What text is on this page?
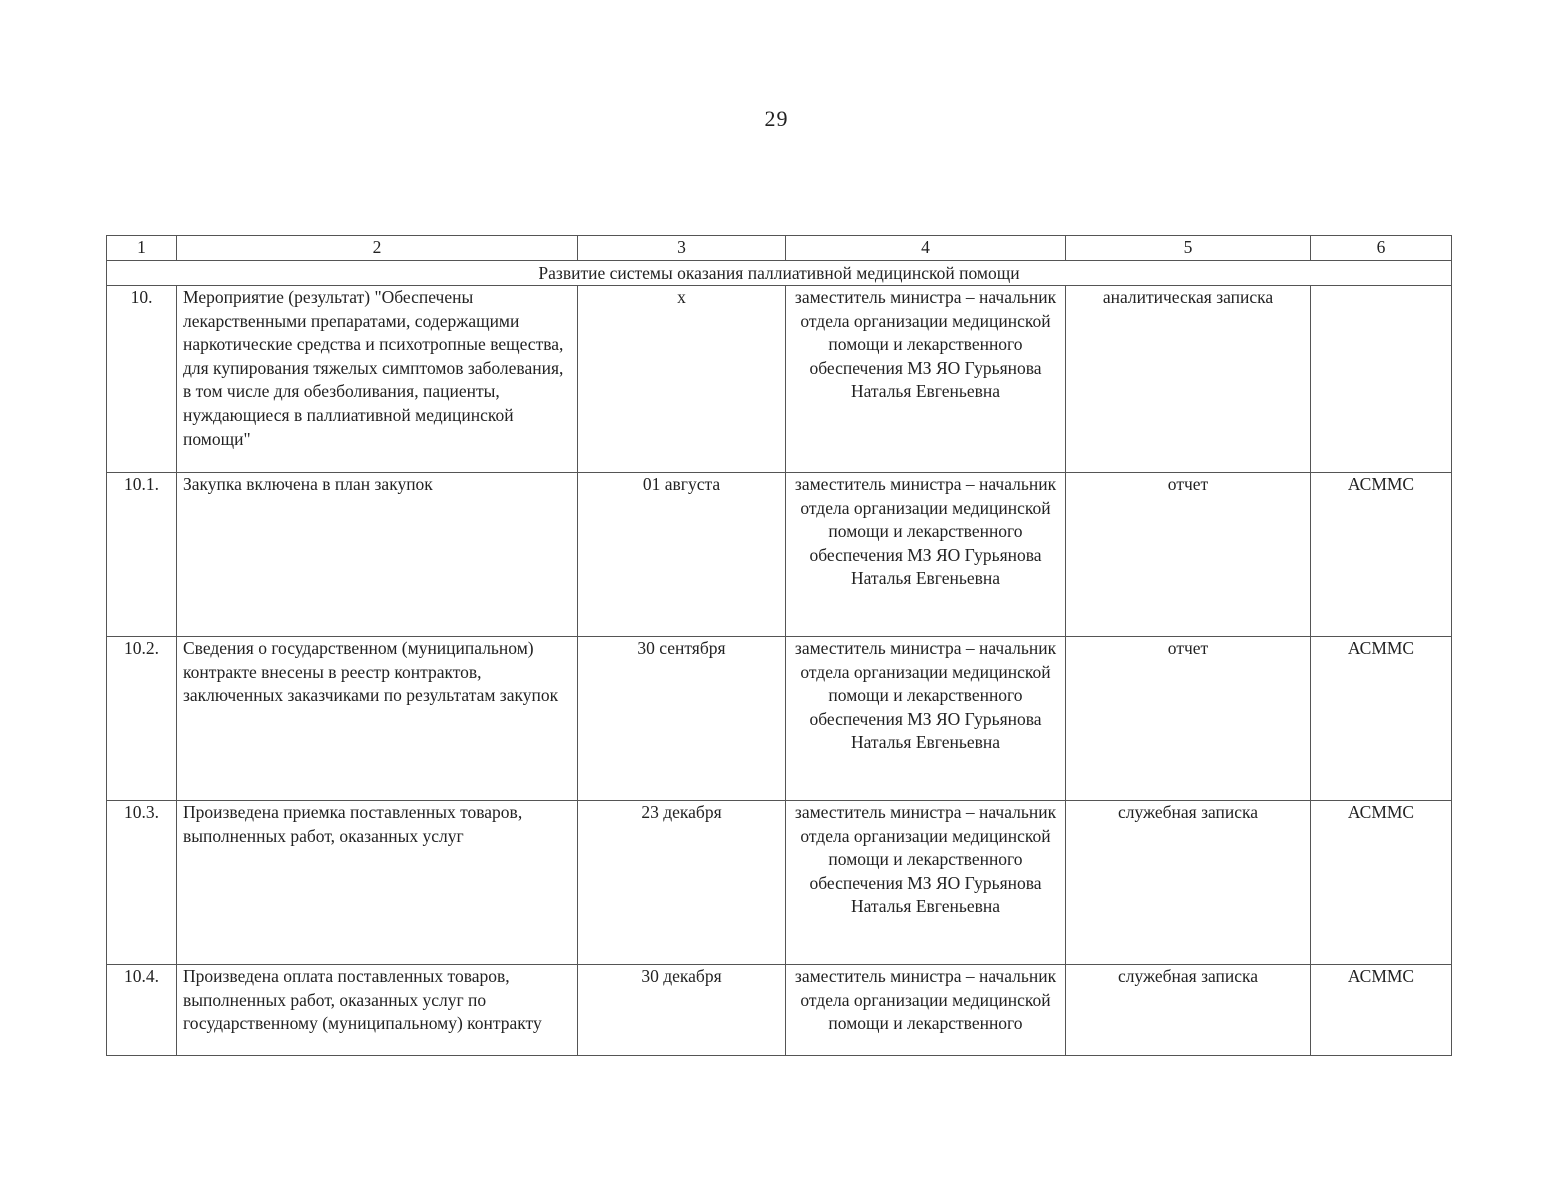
29
1	2	3	4	5	6
Развитие системы оказания паллиативной медицинской помощи					
10.	Мероприятие (результат) "Обеспечены лекарственными препаратами, содержащими наркотические средства и психотропные вещества, для купирования тяжелых симптомов заболевания, в том числе для обезболивания, пациенты, нуждающиеся в паллиативной медицинской помощи"	х	заместитель министра – начальник отдела организации медицинской помощи и лекарственного обеспечения МЗ ЯО Гурьянова Наталья Евгеньевна	аналитическая записка	
10.1.	Закупка включена в план закупок	01 августа	заместитель министра – начальник отдела организации медицинской помощи и лекарственного обеспечения МЗ ЯО Гурьянова Наталья Евгеньевна	отчет	АСММС
10.2.	Сведения о государственном (муниципальном) контракте внесены в реестр контрактов, заключенных заказчиками по результатам закупок	30 сентября	заместитель министра – начальник отдела организации медицинской помощи и лекарственного обеспечения МЗ ЯО Гурьянова Наталья Евгеньевна	отчет	АСММС
10.3.	Произведена приемка поставленных товаров, выполненных работ, оказанных услуг	23 декабря	заместитель министра – начальник отдела организации медицинской помощи и лекарственного обеспечения МЗ ЯО Гурьянова Наталья Евгеньевна	служебная записка	АСММС
10.4.	Произведена оплата поставленных товаров, выполненных работ, оказанных услуг по государственному (муниципальному) контракту	30 декабря	заместитель министра – начальник отдела организации медицинской помощи и лекарственного	служебная записка	АСММС
